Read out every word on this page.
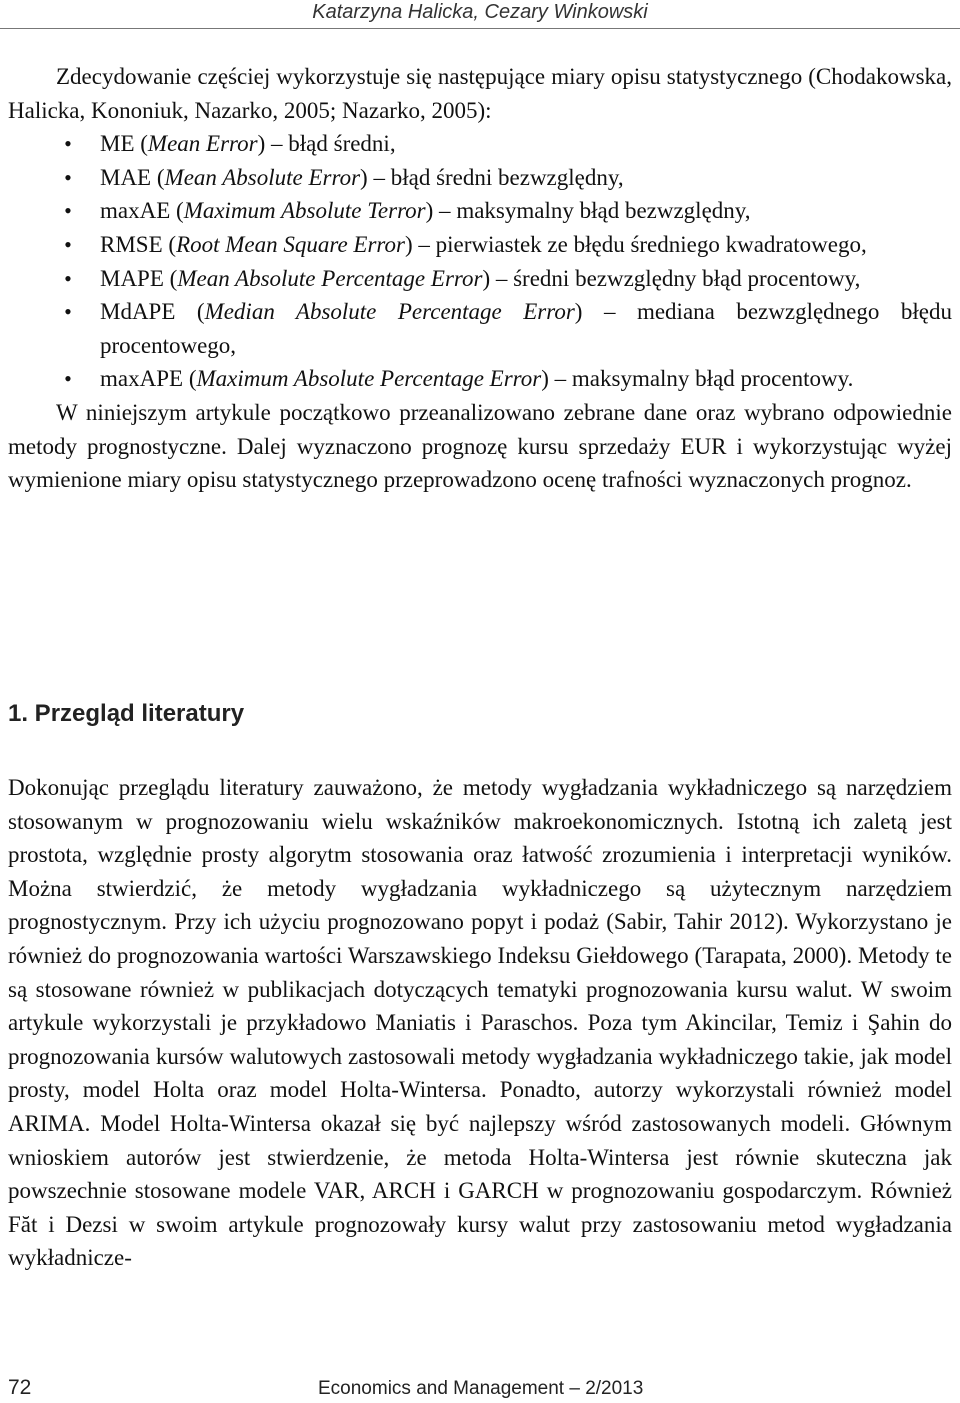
Katarzyna Halicka, Cezary Winkowski

Zdecydowanie częściej wykorzystuje się następujące miary opisu statystycznego (Chodakowska, Halicka, Kononiuk, Nazarko, 2005; Nazarko, 2005):

• ME (Mean Error) – błąd średni,
• MAE (Mean Absolute Error) – błąd średni bezwzględny,
• maxAE (Maximum Absolute Terror) – maksymalny błąd bezwzględny,
• RMSE (Root Mean Square Error) – pierwiastek ze błędu średniego kwadratowego,
• MAPE (Mean Absolute Percentage Error) – średni bezwzględny błąd procentowy,
• MdAPE (Median Absolute Percentage Error) – mediana bezwzględnego błędu procentowego,
• maxAPE (Maximum Absolute Percentage Error) – maksymalny błąd procentowy.

W niniejszym artykule początkowo przeanalizowano zebrane dane oraz wybrano odpowiednie metody prognostyczne. Dalej wyznaczono prognozę kursu sprzedaży EUR i wykorzystując wyżej wymienione miary opisu statystycznego przeprowadzono ocenę trafności wyznaczonych prognoz.

1. Przegląd literatury

Dokonując przeglądu literatury zauważono, że metody wygładzania wykładniczego są narzędziem stosowanym w prognozowaniu wielu wskaźników makroekonomicznych. Istotną ich zaletą jest prostota, względnie prosty algorytm stosowania oraz łatwość zrozumienia i interpretacji wyników. Można stwierdzić, że metody wygładzania wykładniczego są użytecznym narzędziem prognostycznym. Przy ich użyciu prognozowano popyt i podaż (Sabir, Tahir 2012). Wykorzystano je również do prognozowania wartości Warszawskiego Indeksu Giełdowego (Tarapata, 2000). Metody te są stosowane również w publikacjach dotyczących tematyki prognozowania kursu walut. W swoim artykule wykorzystali je przykładowo Maniatis i Paraschos. Poza tym Akincilar, Temiz i Şahin do prognozowania kursów walutowych zastosowali metody wygładzania wykładniczego takie, jak model prosty, model Holta oraz model Holta-Wintersa. Ponadto, autorzy wykorzystali również model ARIMA. Model Holta-Wintersa okazał się być najlepszy wśród zastosowanych modeli. Głównym wnioskiem autorów jest stwierdzenie, że metoda Holta-Wintersa jest równie skuteczna jak powszechnie stosowane modele VAR, ARCH i GARCH w prognozowaniu gospodarczym. Również Făt i Dezsi w swoim artykule prognozowały kursy walut przy zastosowaniu metod wygładzania wykładnicze-

72	Economics and Management – 2/2013
